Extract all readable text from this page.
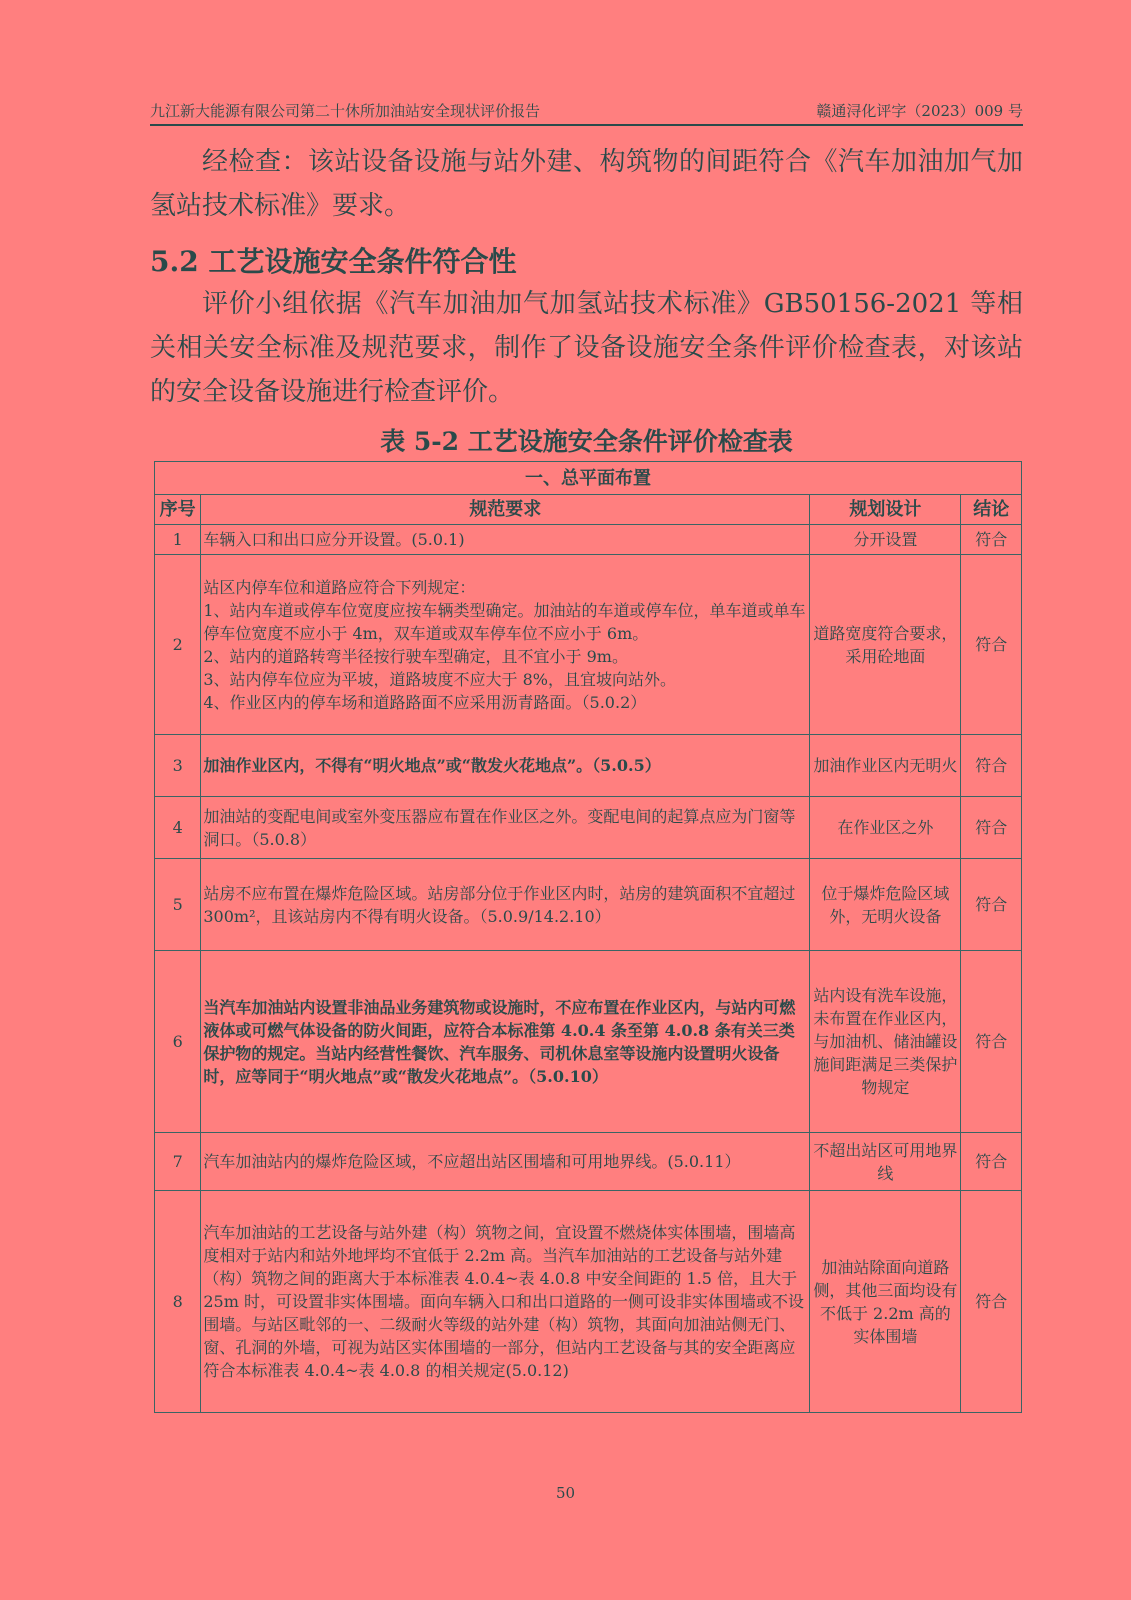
九江新大能源有限公司第二十休所加油站安全现状评价报告	赣通浔化评字（2023）009 号

经检查：该站设备设施与站外建、构筑物的间距符合《汽车加油加气加氢站技术标准》要求。

5.2 工艺设施安全条件符合性

评价小组依据《汽车加油加气加氢站技术标准》GB50156-2021 等相关相关安全标准及规范要求，制作了设备设施安全条件评价检查表，对该站的安全设备设施进行检查评价。

表 5-2 工艺设施安全条件评价检查表
一、总平面布置			
序号	规范要求	规划设计	结论
1	车辆入口和出口应分开设置。(5.0.1)	分开设置	符合
2	站区内停车位和道路应符合下列规定：
1、站内车道或停车位宽度应按车辆类型确定。加油站的车道或停车位，单车道或单车停车位宽度不应小于 4m，双车道或双车停车位不应小于 6m。
2、站内的道路转弯半径按行驶车型确定，且不宜小于 9m。
3、站内停车位应为平坡，道路坡度不应大于 8%，且宜坡向站外。
4、作业区内的停车场和道路路面不应采用沥青路面。（5.0.2）	道路宽度符合要求，采用砼地面	符合
3	加油作业区内，不得有“明火地点”或“散发火花地点”。（5.0.5）	加油作业区内无明火	符合
4	加油站的变配电间或室外变压器应布置在作业区之外。变配电间的起算点应为门窗等洞口。（5.0.8）	在作业区之外	符合
5	站房不应布置在爆炸危险区域。站房部分位于作业区内时，站房的建筑面积不宜超过 300m²，且该站房内不得有明火设备。（5.0.9/14.2.10）	位于爆炸危险区域外，无明火设备	符合
6	当汽车加油站内设置非油品业务建筑物或设施时，不应布置在作业区内，与站内可燃液体或可燃气体设备的防火间距，应符合本标准第 4.0.4 条至第 4.0.8 条有关三类保护物的规定。当站内经营性餐饮、汽车服务、司机休息室等设施内设置明火设备时，应等同于“明火地点”或“散发火花地点”。（5.0.10）	站内设有洗车设施，未布置在作业区内，与加油机、储油罐设施间距满足三类保护物规定	符合
7	汽车加油站内的爆炸危险区域，不应超出站区围墙和可用地界线。(5.0.11）	不超出站区可用地界线	符合
8	汽车加油站的工艺设备与站外建（构）筑物之间，宜设置不燃烧体实体围墙，围墙高度相对于站内和站外地坪均不宜低于 2.2m 高。当汽车加油站的工艺设备与站外建（构）筑物之间的距离大于本标准表 4.0.4~表 4.0.8 中安全间距的 1.5 倍，且大于 25m 时，可设置非实体围墙。面向车辆入口和出口道路的一侧可设非实体围墙或不设围墙。与站区毗邻的一、二级耐火等级的站外建（构）筑物，其面向加油站侧无门、窗、孔洞的外墙，可视为站区实体围墙的一部分，但站内工艺设备与其的安全距离应符合本标准表 4.0.4~表 4.0.8 的相关规定(5.0.12)	加油站除面向道路侧，其他三面均设有不低于 2.2m 高的实体围墙	符合
50
